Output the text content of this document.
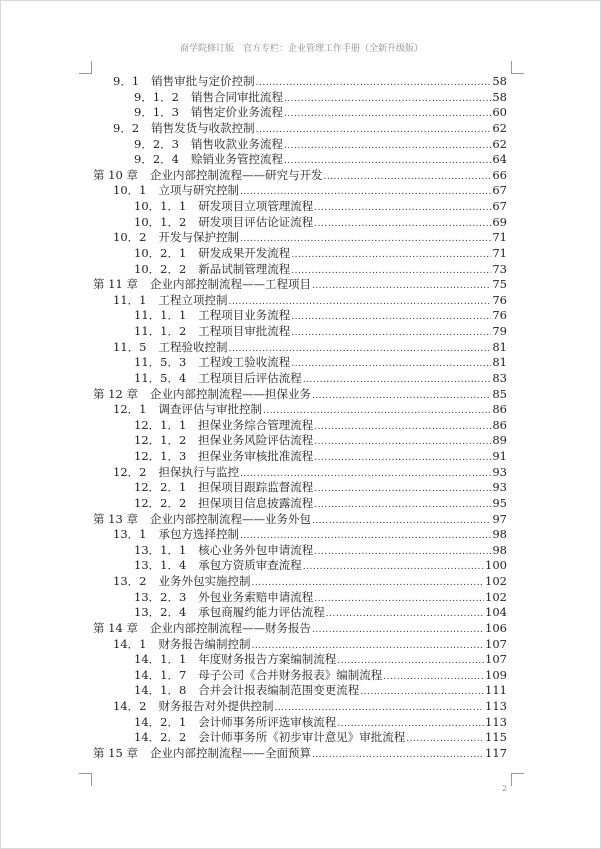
商学院修订版　官方专栏：企业管理工作手册（全新升级版）
9．1 销售审批与定价控制 .....	58
9．1．2 销售合同审批流程 .....	58
9．1．3 销售定价业务流程 .....	60
9．2 销售发货与收款控制 .....	62
9．2．3 销售收款业务流程 .....	62
9．2．4 赊销业务管控流程 .....	64
第 10 章 企业内部控制流程——研究与开发 .....	66
10．1 立项与研究控制 .....	67
10．1．1 研发项目立项管理流程 .....	67
10．1．2 研发项目评估论证流程 .....	69
10．2 开发与保护控制 .....	71
10．2．1 研发成果开发流程 .....	71
10．2．2 新品试制管理流程 .....	73
第 11 章 企业内部控制流程——工程项目 .....	75
11．1 工程立项控制 .....	76
11．1．1 工程项目业务流程 .....	76
11．1．2 工程项目审批流程 .....	79
11．5 工程验收控制 .....	81
11．5．3 工程竣工验收流程 .....	81
11．5．4 工程项目后评估流程 .....	83
第 12 章 企业内部控制流程——担保业务 .....	85
12．1 调查评估与审批控制 .....	86
12．1．1 担保业务综合管理流程 .....	86
12．1．2 担保业务风险评估流程 .....	89
12．1．3 担保业务审核批准流程 .....	91
12．2 担保执行与监控 .....	93
12．2．1 担保项目跟踪监督流程 .....	93
12．2．2 担保项目信息披露流程 .....	95
第 13 章 企业内部控制流程——业务外包 .....	97
13．1 承包方选择控制 .....	98
13．1．1 核心业务外包申请流程 .....	98
13．1．4 承包方资质审查流程 .....	100
13．2 业务外包实施控制 .....	102
13．2．3 外包业务索赔申请流程 .....	102
13．2．4 承包商履约能力评估流程 .....	104
第 14 章 企业内部控制流程——财务报告 .....	106
14．1 财务报告编制控制 .....	107
14．1．1 年度财务报告方案编制流程 .....	107
14．1．7 母子公司《合并财务报表》编制流程 .....	109
14．1．8 合并会计报表编制范围变更流程 .....	111
14．2 财务报告对外提供控制 .....	113
14．2．1 会计师事务所评选审核流程 .....	113
14．2．2 会计师事务所《初步审计意见》审批流程 .....	115
第 15 章 企业内部控制流程——全面预算 .....	117
2
